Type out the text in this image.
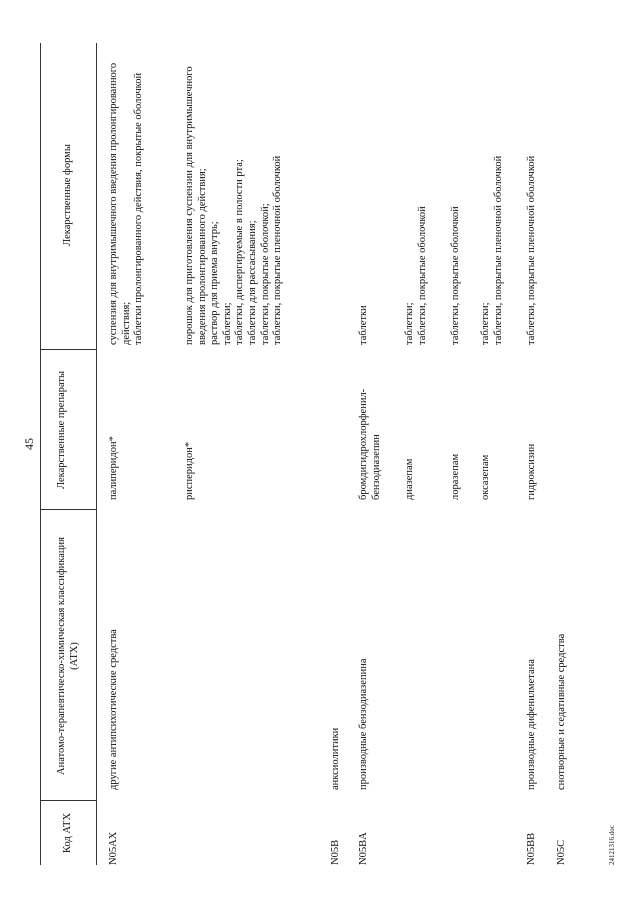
45
Код АТХ
Анатомо-терапевтическо-химическая классификация (АТХ)
Лекарственные препараты
Лекарственные формы
N05AX
другие антипсихотические средства
палиперидон*
суспензия для внутримышечного введения пролонгированного действия;
таблетки пролонгированного действия, покрытые оболочкой
рисперидон*
порошок для приготовления суспензии для внутримышечного введения пролонгированного действия;
раствор для приема внутрь;
таблетки;
таблетки, диспергируемые в полости рта;
таблетки для рассасывания;
таблетки, покрытые оболочкой;
таблетки, покрытые пленочной оболочкой
N05B
анксиолитики
N05BA
производные бензодиазепина
бромдигидрохлорфенил-бензодиазепин
таблетки
диазепам
таблетки;
таблетки, покрытые оболочкой
лоразепам
таблетки, покрытые оболочкой
оксазепам
таблетки;
таблетки, покрытые пленочной оболочкой
N05BB
производные дифенилметана
гидроксизин
таблетки, покрытые пленочной оболочкой
N05C
снотворные и седативные средства
24121316.doc
